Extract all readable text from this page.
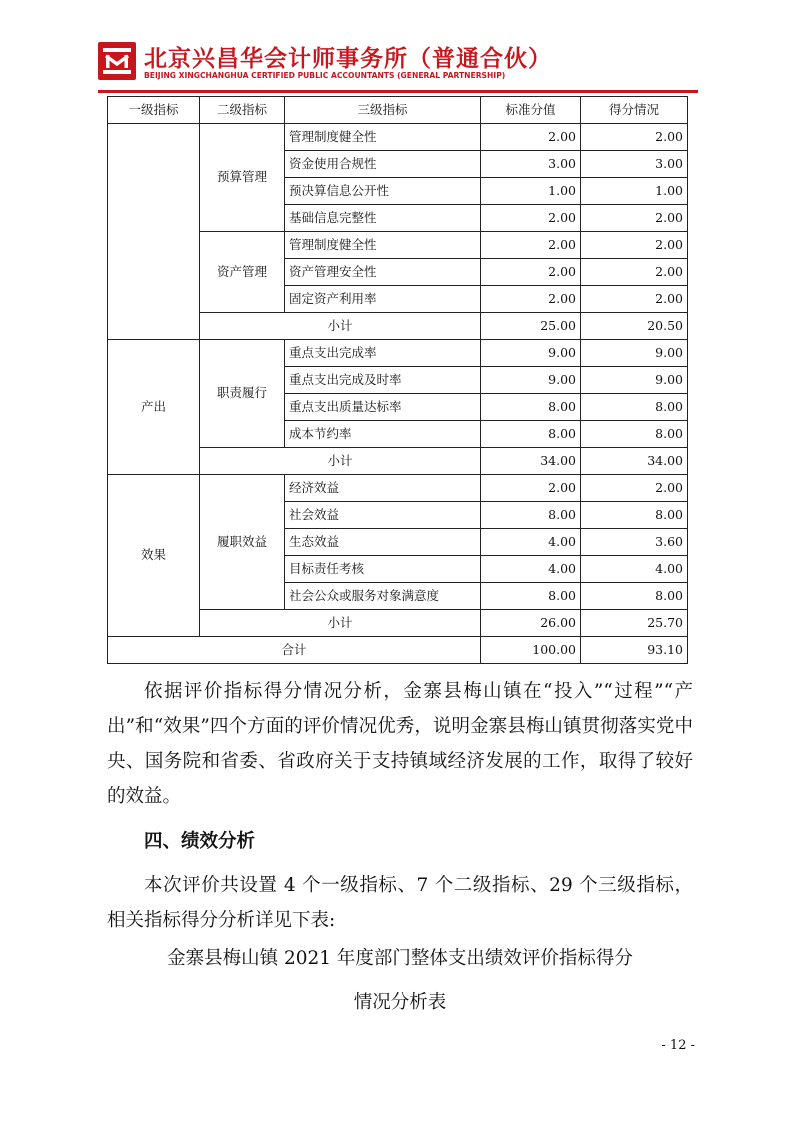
北京兴昌华会计师事务所（普通合伙）
BEIJING XINGCHANGHUA CERTIFIED PUBLIC ACCOUNTANTS (GENERAL PARTNERSHIP)
一级指标	二级指标	三级指标	标准分值	得分情况
	预算管理	管理制度健全性	2.00	2.00
		资金使用合规性	3.00	3.00
		预决算信息公开性	1.00	1.00
		基础信息完整性	2.00	2.00
	资产管理	管理制度健全性	2.00	2.00
		资产管理安全性	2.00	2.00
		固定资产利用率	2.00	2.00
	小计		25.00	20.50
产出	职责履行	重点支出完成率	9.00	9.00
		重点支出完成及时率	9.00	9.00
		重点支出质量达标率	8.00	8.00
		成本节约率	8.00	8.00
	小计		34.00	34.00
效果	履职效益	经济效益	2.00	2.00
		社会效益	8.00	8.00
		生态效益	4.00	3.60
		目标责任考核	4.00	4.00
		社会公众或服务对象满意度	8.00	8.00
	小计		26.00	25.70
合计			100.00	93.10

依据评价指标得分情况分析，金寨县梅山镇在“投入”“过程”“产出”和“效果”四个方面的评价情况优秀，说明金寨县梅山镇贯彻落实党中央、国务院和省委、省政府关于支持镇域经济发展的工作，取得了较好的效益。

四、绩效分析

本次评价共设置 4 个一级指标、7 个二级指标、29 个三级指标，相关指标得分分析详见下表:

金寨县梅山镇 2021 年度部门整体支出绩效评价指标得分
情况分析表
- 12 -
